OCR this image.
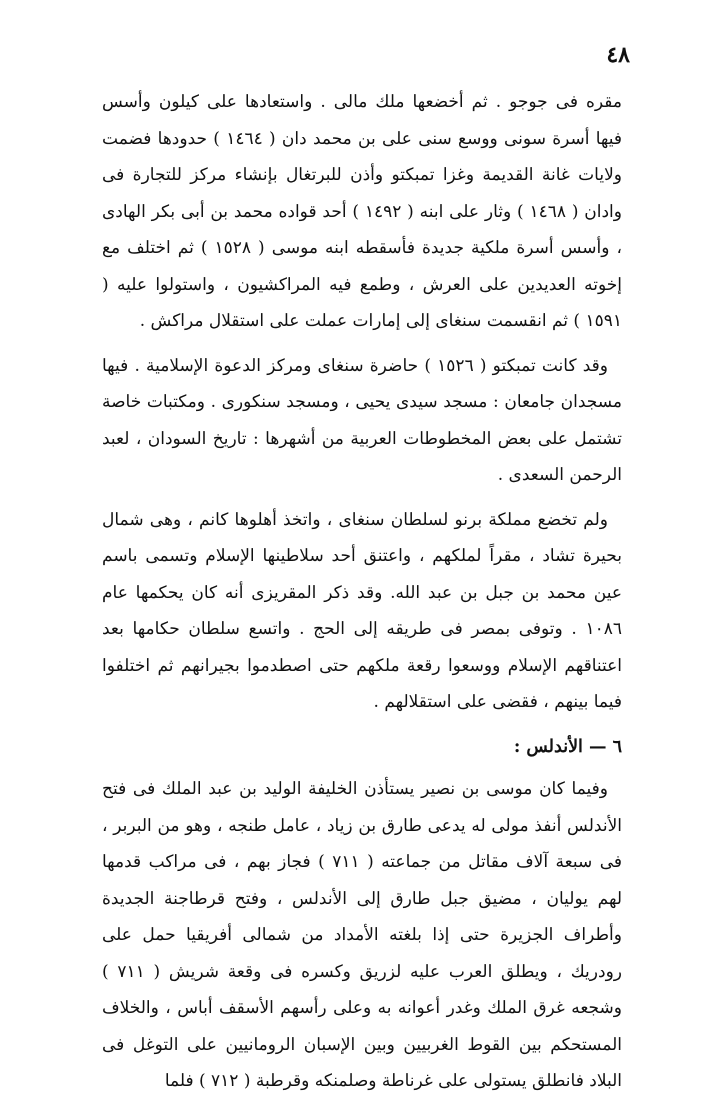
٤٨

مقره فى جوجو . ثم أخضعها ملك مالى . واستعادها على كيلون وأسس فيها أسرة سونى ووسع سنى على بن محمد دان ( ١٤٦٤ ) حدودها فضمت ولايات غانة القديمة وغزا تمبكتو وأذن للبرتغال بإنشاء مركز للتجارة فى وادان ( ١٤٦٨ ) وثار على ابنه ( ١٤٩٢ ) أحد قواده محمد بن أبى بكر الهادى ، وأسس أسرة ملكية جديدة فأسقطه ابنه موسى ( ١٥٢٨ ) ثم اختلف مع إخوته العديدين على العرش ، وطمع فيه المراكشيون ، واستولوا عليه ( ١٥٩١ ) ثم انقسمت سنغاى إلى إمارات عملت على استقلال مراكش .

وقد كانت تمبكتو ( ١٥٢٦ ) حاضرة سنغاى ومركز الدعوة الإسلامية . فيها مسجدان جامعان : مسجد سيدى يحيى ، ومسجد سنكورى . ومكتبات خاصة تشتمل على بعض المخطوطات العربية من أشهرها : تاريخ السودان ، لعبد الرحمن السعدى .

ولم تخضع مملكة برنو لسلطان سنغاى ، واتخذ أهلوها كانم ، وهى شمال بحيرة تشاد ، مقراً لملكهم ، واعتنق أحد سلاطينها الإسلام وتسمى باسم عين محمد بن جبل بن عبد الله. وقد ذكر المقريزى أنه كان يحكمها عام ١٠٨٦ . وتوفى بمصر فى طريقه إلى الحج . واتسع سلطان حكامها بعد اعتناقهم الإسلام ووسعوا رقعة ملكهم حتى اصطدموا بجيرانهم ثم اختلفوا فيما بينهم ، فقضى على استقلالهم .

٦ — الأندلس :

وفيما كان موسى بن نصير يستأذن الخليفة الوليد بن عبد الملك فى فتح الأندلس أنفذ مولى له يدعى طارق بن زياد ، عامل طنجه ، وهو من البربر ، فى سبعة آلاف مقاتل من جماعته ( ٧١١ ) فجاز بهم ، فى مراكب قدمها لهم يوليان ، مضيق جبل طارق إلى الأندلس ، وفتح قرطاجنة الجديدة وأطراف الجزيرة حتى إذا بلغته الأمداد من شمالى أفريقيا حمل على رودريك ، ويطلق العرب عليه لزريق وكسره فى وقعة شريش ( ٧١١ ) وشجعه غرق الملك وغدر أعوانه به وعلى رأسهم الأسقف أباس ، والخلاف المستحكم بين القوط الغربيين وبين الإسبان الرومانيين على التوغل فى البلاد فانطلق يستولى على غرناطة وصلمنكه وقرطبة ( ٧١٢ ) فلما
